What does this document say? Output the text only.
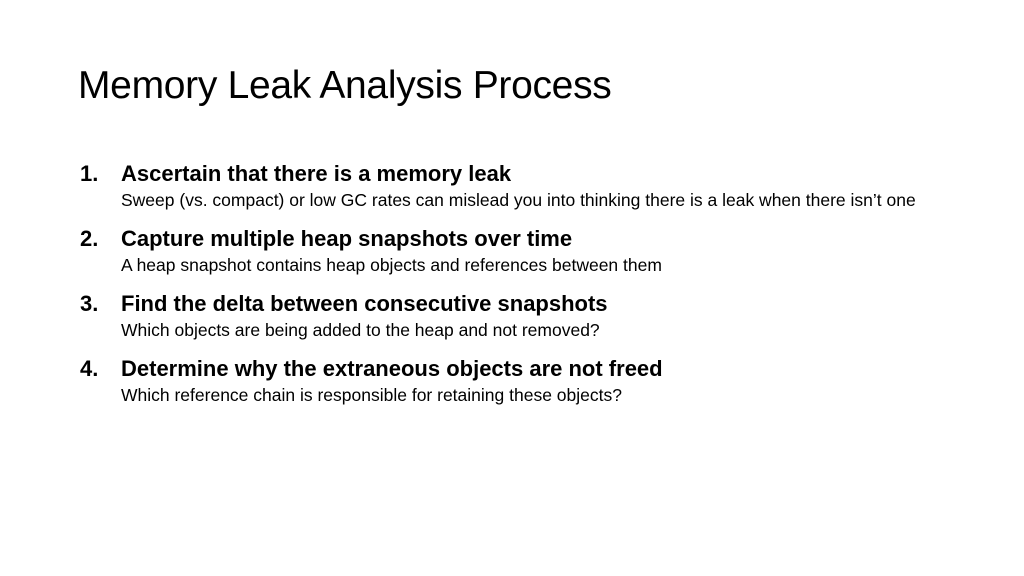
Memory Leak Analysis Process
1. Ascertain that there is a memory leak
Sweep (vs. compact) or low GC rates can mislead you into thinking there is a leak when there isn’t one
2. Capture multiple heap snapshots over time
A heap snapshot contains heap objects and references between them
3. Find the delta between consecutive snapshots
Which objects are being added to the heap and not removed?
4. Determine why the extraneous objects are not freed
Which reference chain is responsible for retaining these objects?
